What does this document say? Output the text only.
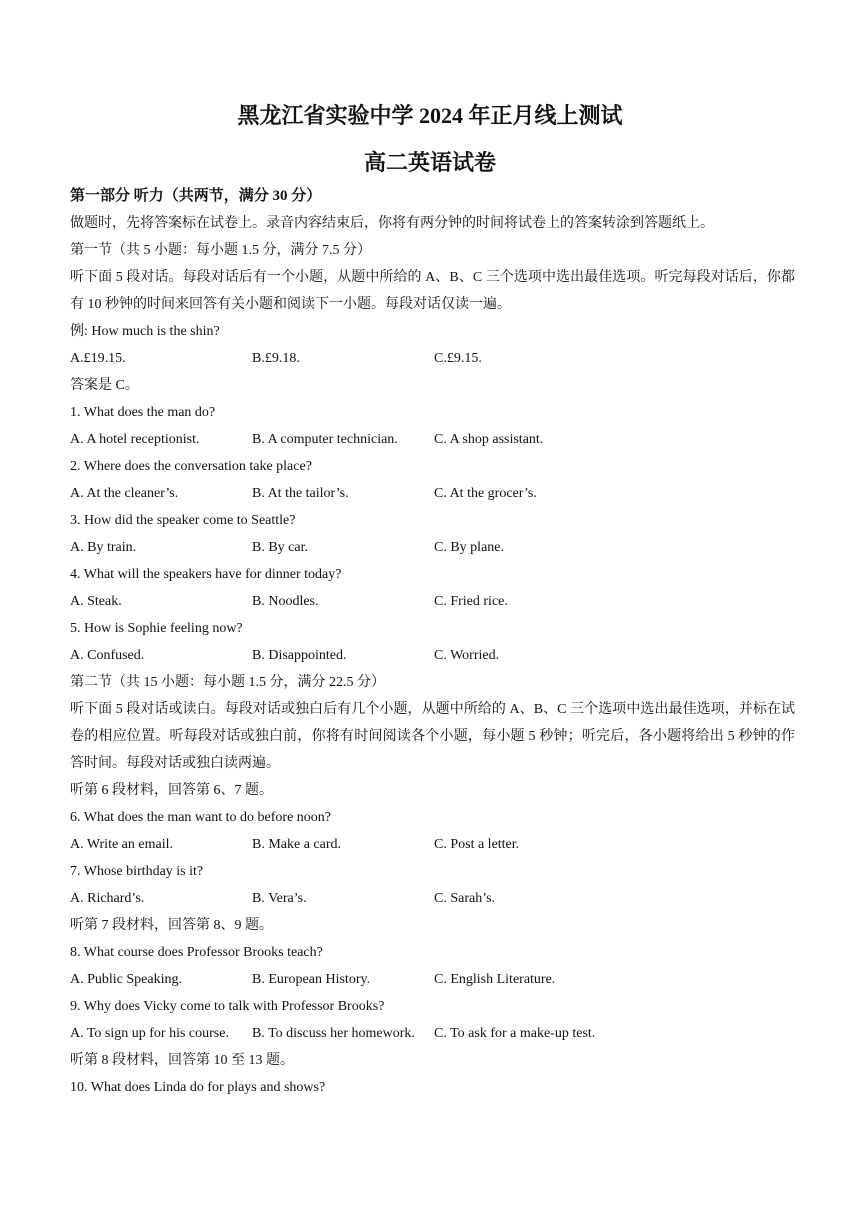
黑龙江省实验中学 2024 年正月线上测试
高二英语试卷
第一部分 听力（共两节，满分 30 分）
做题时，先将答案标在试卷上。录音内容结束后，你将有两分钟的时间将试卷上的答案转涂到答题纸上。
第一节（共 5 小题：每小题 1.5 分，满分 7.5 分）
听下面 5 段对话。每段对话后有一个小题，从题中所给的 A、B、C 三个选项中选出最佳选项。听完每段对话后，你都有 10 秒钟的时间来回答有关小题和阅读下一小题。每段对话仅读一遍。
例: How much is the shin?
A.£19.15.	B.£9.18.	C.£9.15.
答案是 C。
1. What does the man do?
A. A hotel receptionist.	B. A computer technician.	C. A shop assistant.
2. Where does the conversation take place?
A. At the cleaner’s.	B. At the tailor’s.	C. At the grocer’s.
3. How did the speaker come to Seattle?
A. By train.	B. By car.	C. By plane.
4. What will the speakers have for dinner today?
A. Steak.	B. Noodles.	C. Fried rice.
5. How is Sophie feeling now?
A. Confused.	B. Disappointed.	C. Worried.
第二节（共 15 小题：每小题 1.5 分，满分 22.5 分）
听下面 5 段对话或读白。每段对话或独白后有几个小题，从题中所给的 A、B、C 三个选项中选出最佳选项，并标在试卷的相应位置。听每段对话或独白前，你将有时间阅读各个小题，每小题 5 秒钟；听完后，各小题将给出 5 秒钟的作答时间。每段对话或独白读两遍。
听第 6 段材料，回答第 6、7 题。
6. What does the man want to do before noon?
A. Write an email.	B. Make a card.	C. Post a letter.
7. Whose birthday is it?
A. Richard’s.	B. Vera’s.	C. Sarah’s.
听第 7 段材料，回答第 8、9 题。
8. What course does Professor Brooks teach?
A. Public Speaking.	B. European History.	C. English Literature.
9. Why does Vicky come to talk with Professor Brooks?
A. To sign up for his course.	B. To discuss her homework.	C. To ask for a make-up test.
听第 8 段材料，回答第 10 至 13 题。
10. What does Linda do for plays and shows?
